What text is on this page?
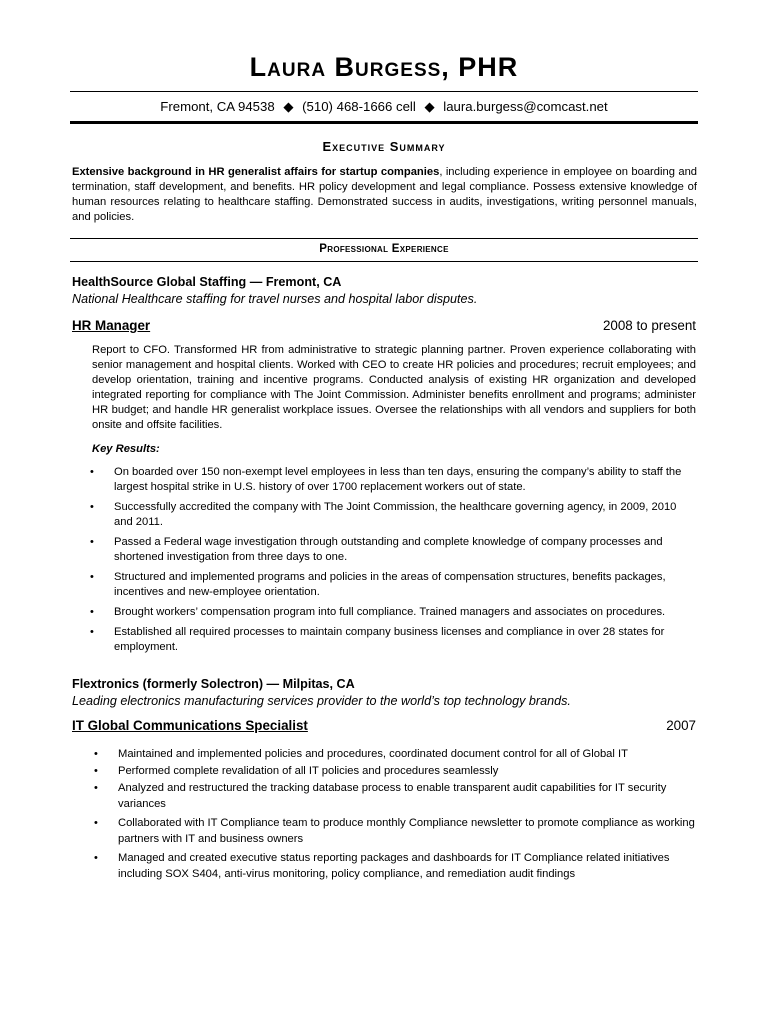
Laura Burgess, PHR
Fremont, CA 94538 ◆ (510) 468-1666 cell ◆ laura.burgess@comcast.net
Executive Summary
Extensive background in HR generalist affairs for startup companies, including experience in employee on boarding and termination, staff development, and benefits. HR policy development and legal compliance. Possess extensive knowledge of human resources relating to healthcare staffing. Demonstrated success in audits, investigations, writing personnel manuals, and policies.
Professional Experience
HealthSource Global Staffing — Fremont, CA
National Healthcare staffing for travel nurses and hospital labor disputes.
HR Manager	2008 to present
Report to CFO. Transformed HR from administrative to strategic planning partner. Proven experience collaborating with senior management and hospital clients. Worked with CEO to create HR policies and procedures; recruit employees; and develop orientation, training and incentive programs. Conducted analysis of existing HR organization and developed integrated reporting for compliance with The Joint Commission. Administer benefits enrollment and programs; administer HR budget; and handle HR generalist workplace issues. Oversee the relationships with all vendors and suppliers for both onsite and offsite facilities.
Key Results:
• On boarded over 150 non-exempt level employees in less than ten days, ensuring the company’s ability to staff the largest hospital strike in U.S. history of over 1700 replacement workers out of state.
• Successfully accredited the company with The Joint Commission, the healthcare governing agency, in 2009, 2010 and 2011.
• Passed a Federal wage investigation through outstanding and complete knowledge of company processes and shortened investigation from three days to one.
• Structured and implemented programs and policies in the areas of compensation structures, benefits packages, incentives and new-employee orientation.
• Brought workers’ compensation program into full compliance. Trained managers and associates on procedures.
• Established all required processes to maintain company business licenses and compliance in over 28 states for employment.
Flextronics (formerly Solectron) — Milpitas, CA
Leading electronics manufacturing services provider to the world’s top technology brands.
IT Global Communications Specialist	2007
• Maintained and implemented policies and procedures, coordinated document control for all of Global IT
• Performed complete revalidation of all IT policies and procedures seamlessly
• Analyzed and restructured the tracking database process to enable transparent audit capabilities for IT security variances
• Collaborated with IT Compliance team to produce monthly Compliance newsletter to promote compliance as working partners with IT and business owners
• Managed and created executive status reporting packages and dashboards for IT Compliance related initiatives including SOX S404, anti-virus monitoring, policy compliance, and remediation audit findings
